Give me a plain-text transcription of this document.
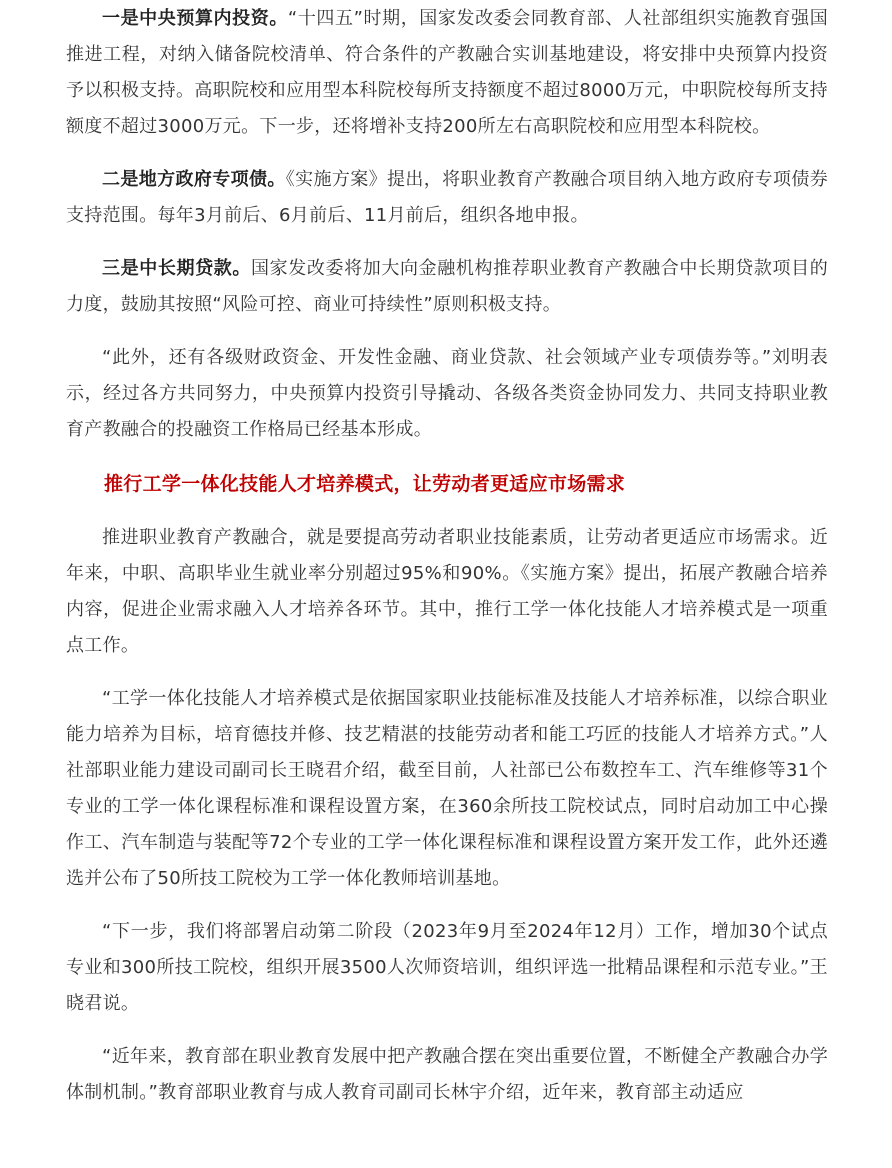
一是中央预算内投资。“十四五”时期，国家发改委会同教育部、人社部组织实施教育强国推进工程，对纳入储备院校清单、符合条件的产教融合实训基地建设，将安排中央预算内投资予以积极支持。高职院校和应用型本科院校每所支持额度不超过8000万元，中职院校每所支持额度不超过3000万元。下一步，还将增补支持200所左右高职院校和应用型本科院校。

二是地方政府专项债。《实施方案》提出，将职业教育产教融合项目纳入地方政府专项债券支持范围。每年3月前后、6月前后、11月前后，组织各地申报。

三是中长期贷款。国家发改委将加大向金融机构推荐职业教育产教融合中长期贷款项目的力度，鼓励其按照“风险可控、商业可持续性”原则积极支持。

“此外，还有各级财政资金、开发性金融、商业贷款、社会领域产业专项债券等。”刘明表示，经过各方共同努力，中央预算内投资引导撬动、各级各类资金协同发力、共同支持职业教育产教融合的投融资工作格局已经基本形成。

推行工学一体化技能人才培养模式，让劳动者更适应市场需求

推进职业教育产教融合，就是要提高劳动者职业技能素质，让劳动者更适应市场需求。近年来，中职、高职毕业生就业率分别超过95%和90%。《实施方案》提出，拓展产教融合培养内容，促进企业需求融入人才培养各环节。其中，推行工学一体化技能人才培养模式是一项重点工作。

“工学一体化技能人才培养模式是依据国家职业技能标准及技能人才培养标准，以综合职业能力培养为目标，培育德技并修、技艺精湛的技能劳动者和能工巧匠的技能人才培养方式。”人社部职业能力建设司副司长王晓君介绍，截至目前，人社部已公布数控车工、汽车维修等31个专业的工学一体化课程标准和课程设置方案，在360余所技工院校试点，同时启动加工中心操作工、汽车制造与装配等72个专业的工学一体化课程标准和课程设置方案开发工作，此外还遴选并公布了50所技工院校为工学一体化教师培训基地。

“下一步，我们将部署启动第二阶段（2023年9月至2024年12月）工作，增加30个试点专业和300所技工院校，组织开展3500人次师资培训，组织评选一批精品课程和示范专业。”王晓君说。

“近年来，教育部在职业教育发展中把产教融合摆在突出重要位置，不断健全产教融合办学体制机制。”教育部职业教育与成人教育司副司长林宇介绍，近年来，教育部主动适应
